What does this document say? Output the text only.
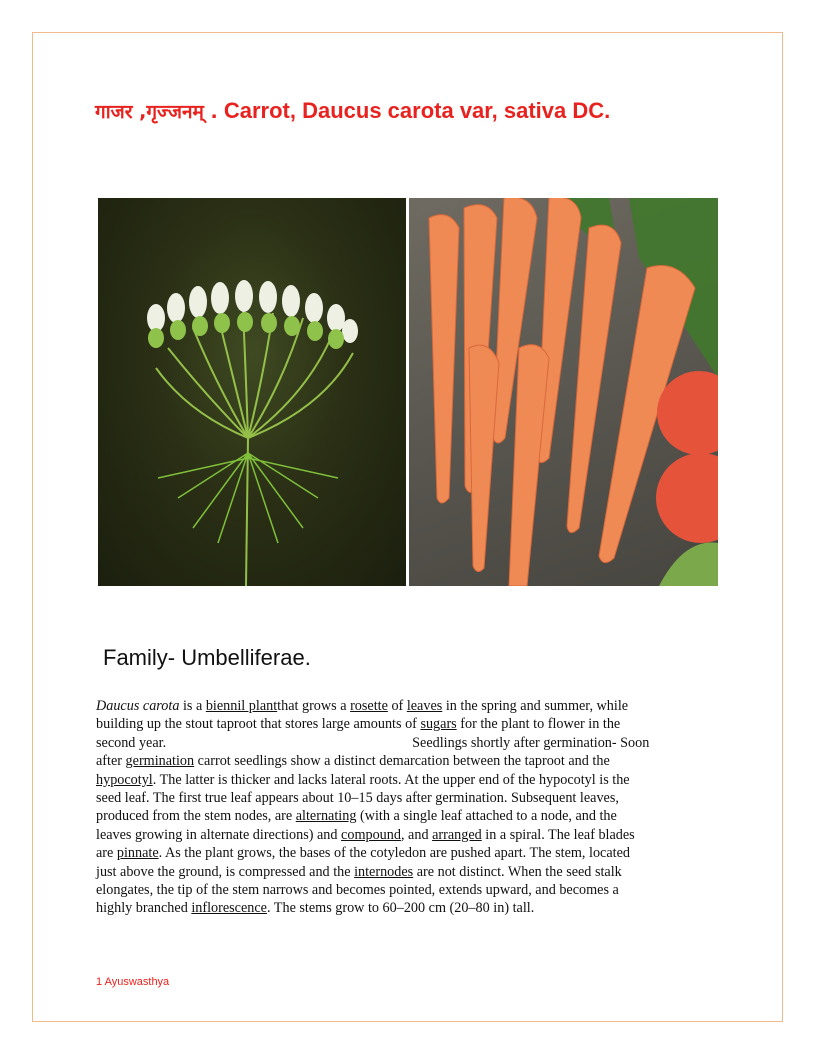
गाजर ,गृज्जनम् . Carrot, Daucus carota var, sativa DC.
Family- Umbelliferae.

Daucus carota is a biennil plantthat grows a rosette of leaves in the spring and summer, while
building up the stout taproot that stores large amounts of sugars for the plant to flower in the
second year.	Seedlings shortly after germination- Soon
after germination carrot seedlings show a distinct demarcation between the taproot and the
hypocotyl. The latter is thicker and lacks lateral roots. At the upper end of the hypocotyl is the
seed leaf. The first true leaf appears about 10–15 days after germination. Subsequent leaves,
produced from the stem nodes, are alternating (with a single leaf attached to a node, and the
leaves growing in alternate directions) and compound, and arranged in a spiral. The leaf blades
are pinnate. As the plant grows, the bases of the cotyledon are pushed apart. The stem, located
just above the ground, is compressed and the internodes are not distinct. When the seed stalk
elongates, the tip of the stem narrows and becomes pointed, extends upward, and becomes a
highly branched inflorescence. The stems grow to 60–200 cm (20–80 in) tall.

1 Ayuswasthya
